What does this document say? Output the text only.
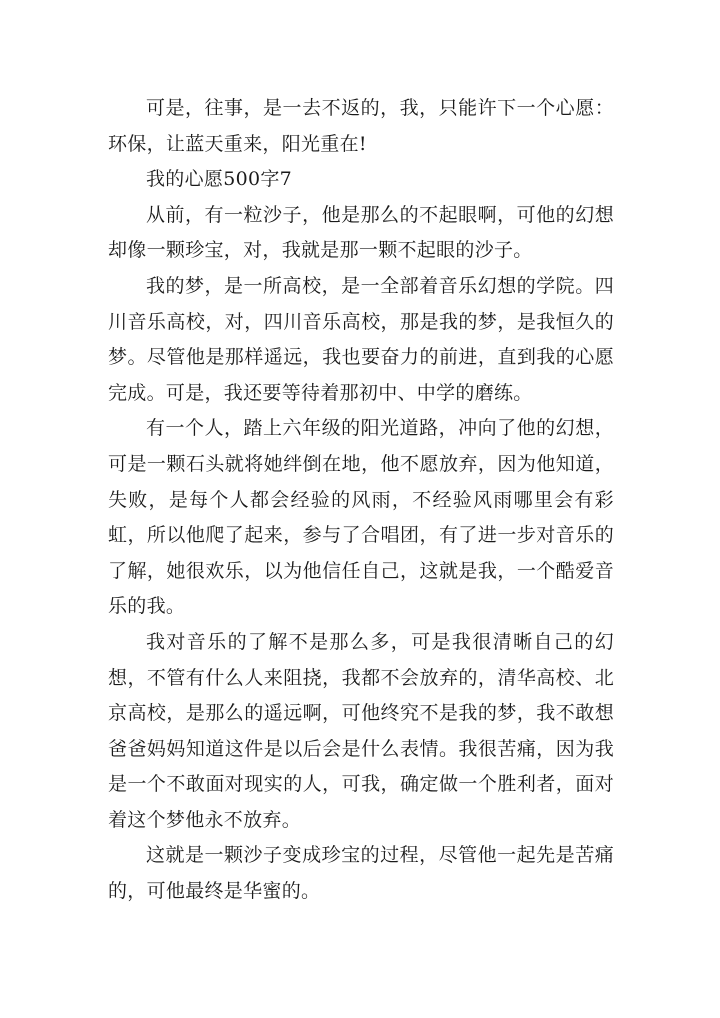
可是，往事，是一去不返的，我，只能许下一个心愿：环保，让蓝天重来，阳光重在!

我的心愿500字7

从前，有一粒沙子，他是那么的不起眼啊，可他的幻想却像一颗珍宝，对，我就是那一颗不起眼的沙子。

我的梦，是一所高校，是一全部着音乐幻想的学院。四川音乐高校，对，四川音乐高校，那是我的梦，是我恒久的梦。尽管他是那样遥远，我也要奋力的前进，直到我的心愿完成。可是，我还要等待着那初中、中学的磨练。

有一个人，踏上六年级的阳光道路，冲向了他的幻想，可是一颗石头就将她绊倒在地，他不愿放弃，因为他知道，失败，是每个人都会经验的风雨，不经验风雨哪里会有彩虹，所以他爬了起来，参与了合唱团，有了进一步对音乐的了解，她很欢乐，以为他信任自己，这就是我，一个酷爱音乐的我。

我对音乐的了解不是那么多，可是我很清晰自己的幻想，不管有什么人来阻挠，我都不会放弃的，清华高校、北京高校，是那么的遥远啊，可他终究不是我的梦，我不敢想爸爸妈妈知道这件是以后会是什么表情。我很苦痛，因为我是一个不敢面对现实的人，可我，确定做一个胜利者，面对着这个梦他永不放弃。

这就是一颗沙子变成珍宝的过程，尽管他一起先是苦痛的，可他最终是华蜜的。
